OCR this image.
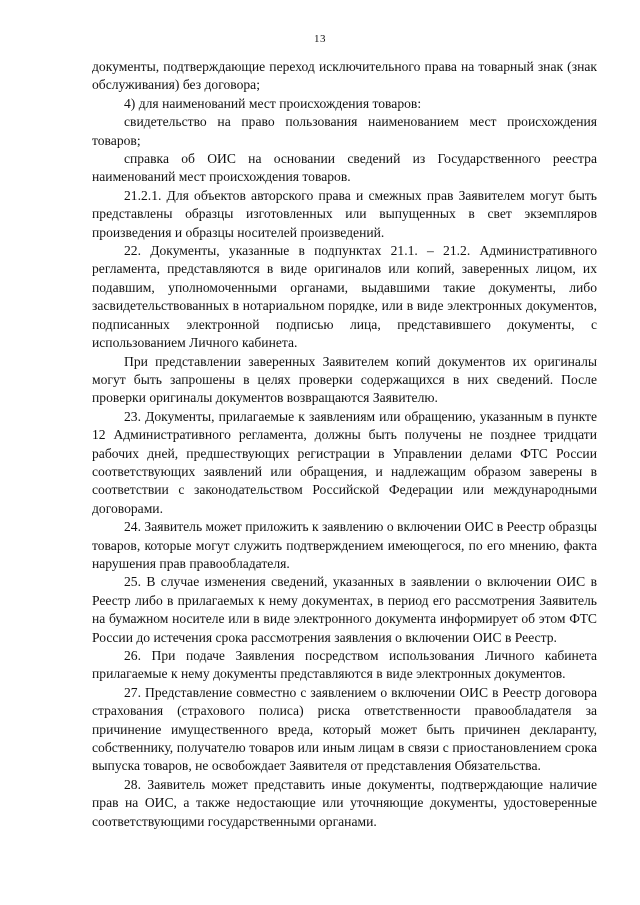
13

документы, подтверждающие переход исключительного права на товарный знак (знак обслуживания) без договора;

4) для наименований мест происхождения товаров:

свидетельство на право пользования наименованием мест происхождения товаров;

справка об ОИС на основании сведений из Государственного реестра наименований мест происхождения товаров.

21.2.1. Для объектов авторского права и смежных прав Заявителем могут быть представлены образцы изготовленных или выпущенных в свет экземпляров произведения и образцы носителей произведений.

22. Документы, указанные в подпунктах 21.1. – 21.2. Административного регламента, представляются в виде оригиналов или копий, заверенных лицом, их подавшим, уполномоченными органами, выдавшими такие документы, либо засвидетельствованных в нотариальном порядке, или в виде электронных документов, подписанных электронной подписью лица, представившего документы, с использованием Личного кабинета.

При представлении заверенных Заявителем копий документов их оригиналы могут быть запрошены в целях проверки содержащихся в них сведений. После проверки оригиналы документов возвращаются Заявителю.

23. Документы, прилагаемые к заявлениям или обращению, указанным в пункте 12 Административного регламента, должны быть получены не позднее тридцати рабочих дней, предшествующих регистрации в Управлении делами ФТС России соответствующих заявлений или обращения, и надлежащим образом заверены в соответствии с законодательством Российской Федерации или международными договорами.

24. Заявитель может приложить к заявлению о включении ОИС в Реестр образцы товаров, которые могут служить подтверждением имеющегося, по его мнению, факта нарушения прав правообладателя.

25. В случае изменения сведений, указанных в заявлении о включении ОИС в Реестр либо в прилагаемых к нему документах, в период его рассмотрения Заявитель на бумажном носителе или в виде электронного документа информирует об этом ФТС России до истечения срока рассмотрения заявления о включении ОИС в Реестр.

26. При подаче Заявления посредством использования Личного кабинета прилагаемые к нему документы представляются в виде электронных документов.

27. Представление совместно с заявлением о включении ОИС в Реестр договора страхования (страхового полиса) риска ответственности правообладателя за причинение имущественного вреда, который может быть причинен декларанту, собственнику, получателю товаров или иным лицам в связи с приостановлением срока выпуска товаров, не освобождает Заявителя от представления Обязательства.

28. Заявитель может представить иные документы, подтверждающие наличие прав на ОИС, а также недостающие или уточняющие документы, удостоверенные соответствующими государственными органами.
